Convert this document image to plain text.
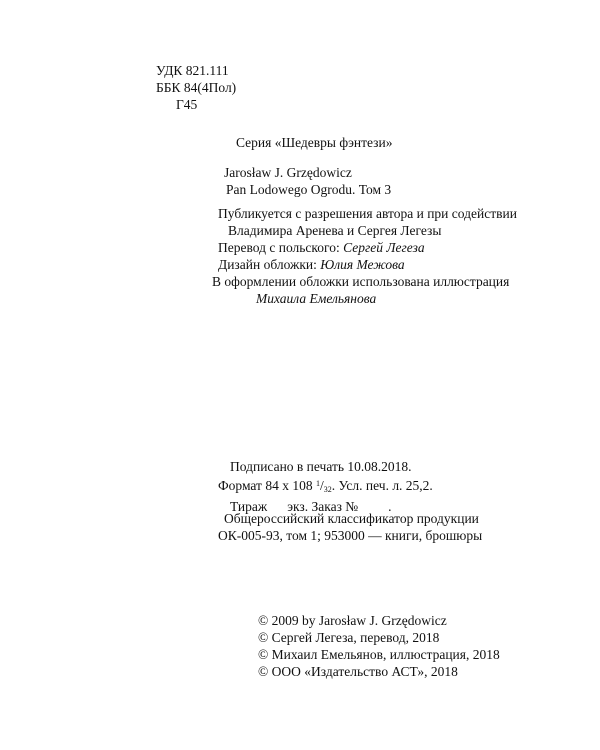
УДК 821.111
ББК 84(4Пол)
Г45
Серия «Шедевры фэнтези»
Jarosław J. Grzędowicz
Pan Lodowego Ogrodu. Том 3
Публикуется с разрешения автора и при содействии
Владимира Аренева и Сергея Легезы
Перевод с польского: Сергей Легеза
Дизайн обложки: Юлия Межова
В оформлении обложки использована иллюстрация
Михаила Емельянова
Подписано в печать 10.08.2018.
Формат 84 x 108 $^1/_{32}$. Усл. печ. л. 25,2.
Тираж экз. Заказ № .
Общероссийский классификатор продукции
ОК-005-93, том 1; 953000 — книги, брошюры
© 2009 by Jarosław J. Grzędowicz
© Сергей Легеза, перевод, 2018
© Михаил Емельянов, иллюстрация, 2018
© ООО «Издательство АСТ», 2018
